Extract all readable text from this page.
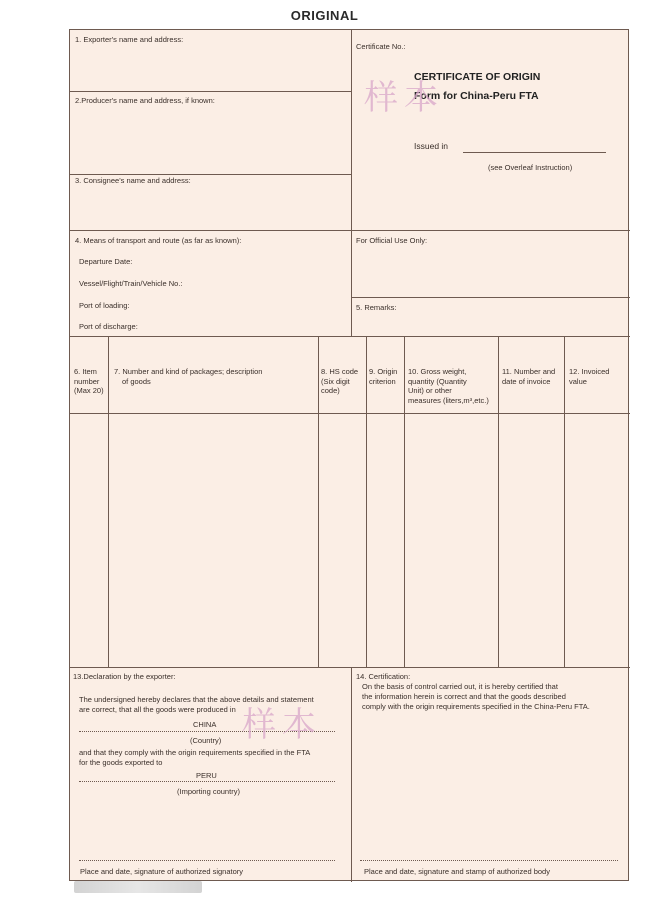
ORIGINAL
1. Exporter's name and address:
2.Producer's name and address, if known:
3. Consignee's name and address:
4. Means of transport and route (as far as known):
Departure Date:
Vessel/Flight/Train/Vehicle No.:
Port of loading:
Port of discharge:
Certificate No.:
CERTIFICATE OF ORIGIN
Form for China-Peru FTA
Issued in
(see Overleaf Instruction)
For Official Use Only:
5. Remarks:
6. Item
number
(Max 20)
7. Number and kind of packages; description
of goods
8. HS code
(Six digit
code)
9. Origin
criterion
10. Gross weight,
quantity (Quantity
Unit) or other
measures (liters,m³,etc.)
11. Number and
date of invoice
12. Invoiced
value
13.Declaration by the exporter:
The undersigned hereby declares that the above details and statement
are correct, that all the goods were produced in
CHINA
(Country)
and that they comply with the origin requirements specified in the FTA
for the goods exported to
PERU
(Importing country)
Place and date, signature of authorized signatory
14. Certification:
On the basis of control carried out, it is hereby certified that
the information herein is correct and that the goods described
comply with the origin requirements specified in the China-Peru FTA.
Place and date, signature and stamp of authorized body
样本
样本
